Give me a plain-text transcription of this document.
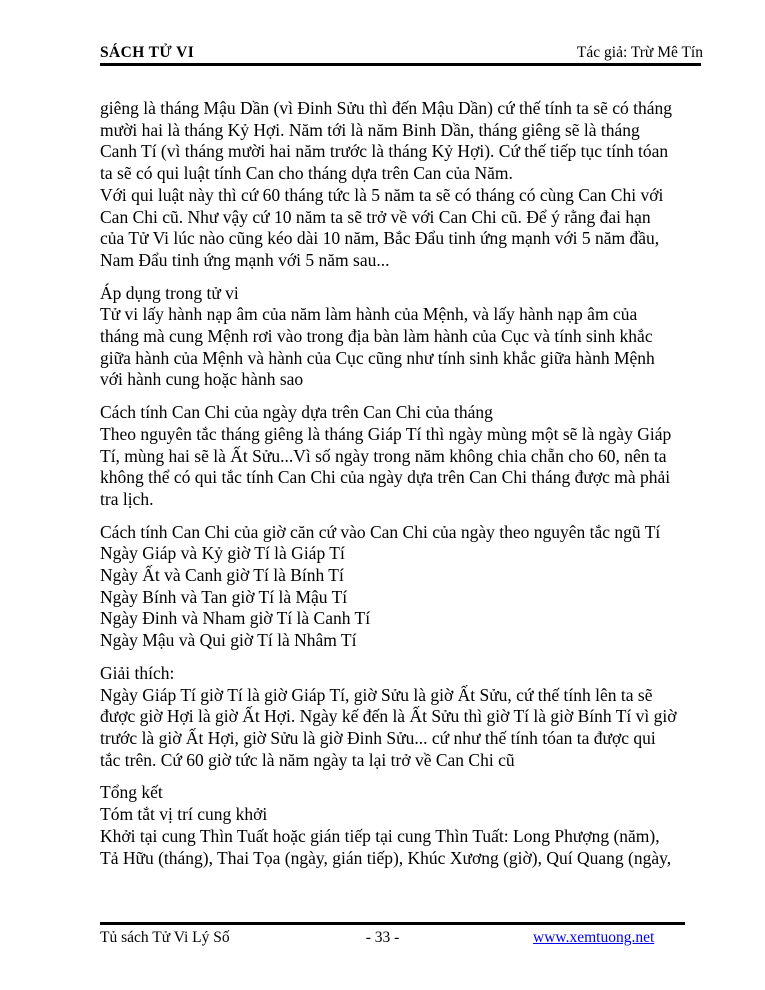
SÁCH TỬ VI	Tác giả: Trừ Mê Tín
giêng là tháng Mậu Dần (vì Đinh Sửu thì đến Mậu Dần) cứ thế tính ta sẽ có tháng
mười hai là tháng Kỷ Hợi. Năm tới là năm Binh Dần, tháng giêng sẽ là tháng
Canh Tí (vì tháng mười hai năm trước là tháng Kỷ Hợi). Cứ thế tiếp tục tính tóan
ta sẽ có qui luật tính Can cho tháng dựa trên Can của Năm.
Với qui luật này thì cứ 60 tháng tức là 5 năm ta sẽ có tháng có cùng Can Chi với
Can Chi cũ. Như vậy cứ 10 năm ta sẽ trở về với Can Chi cũ. Để ý rằng đai hạn
của Tử Vi lúc nào cũng kéo dài 10 năm, Bắc Đẩu tinh ứng mạnh với 5 năm đầu,
Nam Đẩu tinh ứng mạnh với 5 năm sau...
Áp dụng trong tử vi
Tử vi lấy hành nạp âm của năm làm hành của Mệnh, và lấy hành nạp âm của
tháng mà cung Mệnh rơi vào trong địa bàn làm hành của Cục và tính sinh khắc
giữa hành của Mệnh và hành của Cục cũng như tính sinh khắc giữa hành Mệnh
với hành cung hoặc hành sao
Cách tính Can Chi của ngày dựa trên Can Chi của tháng
Theo nguyên tắc tháng giêng là tháng Giáp Tí thì ngày mùng một sẽ là ngày Giáp
Tí, mùng hai sẽ là Ất Sửu...Vì số ngày trong năm không chia chẵn cho 60, nên ta
không thể có qui tắc tính Can Chi của ngày dựa trên Can Chi tháng được mà phải
tra lịch.
Cách tính Can Chi của giờ căn cứ vào Can Chi của ngày theo nguyên tắc ngũ Tí
Ngày Giáp và Kỷ giờ Tí là Giáp Tí
Ngày Ất và Canh giờ Tí là Bính Tí
Ngày Bính và Tan giờ Tí là Mậu Tí
Ngày Đinh và Nham giờ Tí là Canh Tí
Ngày Mậu và Qui giờ Tí là Nhâm Tí
Giải thích:
Ngày Giáp Tí giờ Tí là giờ Giáp Tí, giờ Sửu là giờ Ất Sửu, cứ thế tính lên ta sẽ
được giờ Hợi là giờ Ất Hợi. Ngày kế đến là Ất Sửu thì giờ Tí là giờ Bính Tí vì giờ
trước là giờ Ất Hợi, giờ Sửu là giờ Đinh Sửu... cứ như thế tính tóan ta được qui
tắc trên. Cứ 60 giờ tức là năm ngày ta lại trở về Can Chi cũ
Tổng kết
Tóm tắt vị trí cung khởi
Khởi tại cung Thìn Tuất hoặc gián tiếp tại cung Thìn Tuất: Long Phượng (năm),
Tả Hữu (tháng), Thai Tọa (ngày, gián tiếp), Khúc Xương (giờ), Quí Quang (ngày,
Tủ sách Tử Vi Lý Số	- 33 -	www.xemtuong.net
